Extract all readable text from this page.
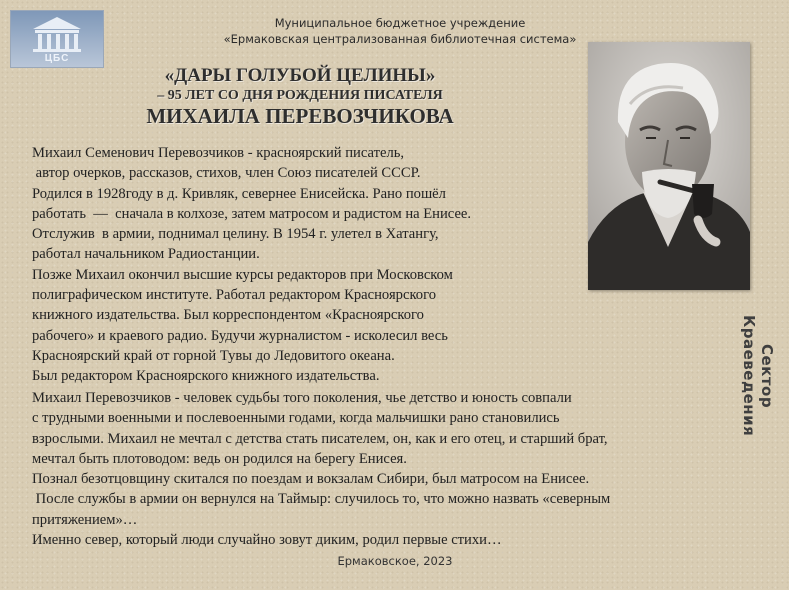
ЦБС
Муниципальное бюджетное учреждение
«Ермаковская централизованная библиотечная система»
«ДАРЫ ГОЛУБОЙ ЦЕЛИНЫ»
– 95 ЛЕТ СО ДНЯ РОЖДЕНИЯ ПИСАТЕЛЯ
МИХАИЛА ПЕРЕВОЗЧИКОВА
Михаил Семенович Перевозчиков - красноярский писатель,
автор очерков, рассказов, стихов, член Союз писателей СССР.
Родился в 1928году в д. Кривляк, севернее Енисейска. Рано пошёл
работать  —  сначала в колхозе, затем матросом и радистом на Енисее.
Отслужив  в армии, поднимал целину. В 1954 г. улетел в Хатангу,
работал начальником Радиостанции.
Позже Михаил окончил высшие курсы редакторов при Московском
полиграфическом институте. Работал редактором Красноярского
книжного издательства. Был корреспондентом «Красноярского
рабочего» и краевого радио. Будучи журналистом - исколесил весь
Красноярский край от горной Тувы до Ледовитого океана.
Был редактором Красноярского книжного издательства.
Михаил Перевозчиков - человек судьбы того поколения, чье детство и юность совпали
с трудными военными и послевоенными годами, когда мальчишки рано становились
взрослыми. Михаил не мечтал с детства стать писателем, он, как и его отец, и старший брат,
мечтал быть плотоводом: ведь он родился на берегу Енисея.
Познал безотцовщину скитался по поездам и вокзалам Сибири, был матросом на Енисее.
После службы в армии он вернулся на Таймыр: случилось то, что можно назвать «северным
притяжением»…
Именно север, который люди случайно зовут диким, родил первые стихи…
Сектор Краеведения
Ермаковское, 2023
